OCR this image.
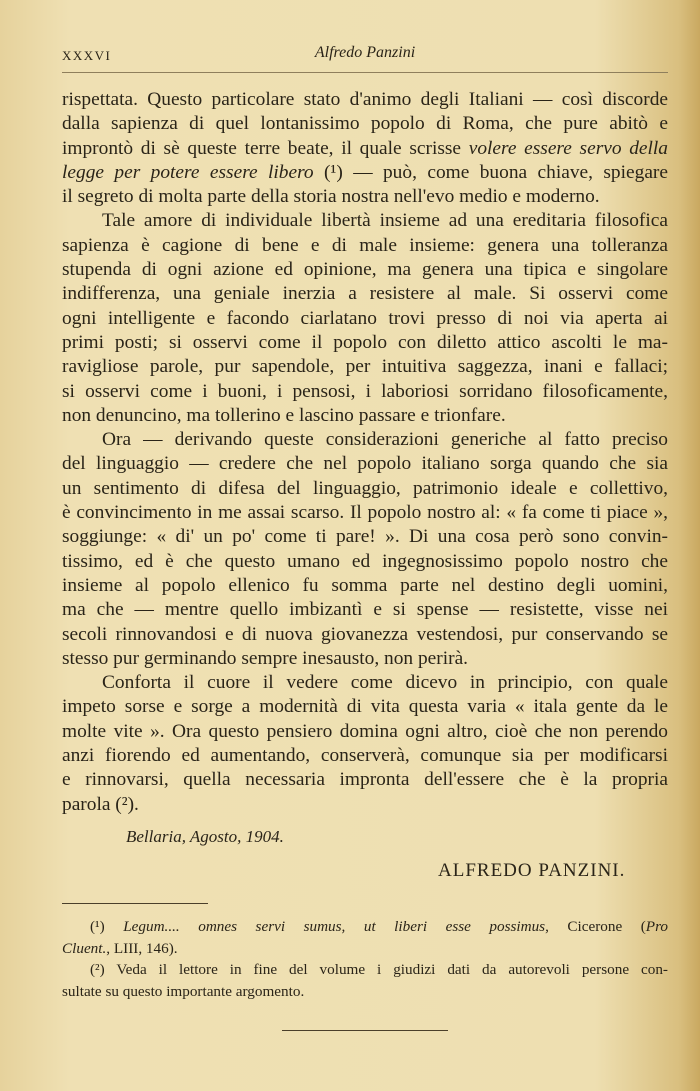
XXXVI	Alfredo Panzini

rispettata. Questo particolare stato d'animo degli Italiani — così discorde
dalla sapienza di quel lontanissimo popolo di Roma, che pure abitò e
improntò di sè queste terre beate, il quale scrisse volere essere servo della
legge per potere essere libero (¹) — può, come buona chiave, spiegare
il segreto di molta parte della storia nostra nell'evo medio e moderno.

Tale amore di individuale libertà insieme ad una ereditaria filosofica
sapienza è cagione di bene e di male insieme: genera una tolleranza
stupenda di ogni azione ed opinione, ma genera una tipica e singolare
indifferenza, una geniale inerzia a resistere al male. Si osservi come
ogni intelligente e facondo ciarlatano trovi presso di noi via aperta ai
primi posti; si osservi come il popolo con diletto attico ascolti le ma-
ravigliose parole, pur sapendole, per intuitiva saggezza, inani e fallaci;
si osservi come i buoni, i pensosi, i laboriosi sorridano filosoficamente,
non denuncino, ma tollerino e lascino passare e trionfare.

Ora — derivando queste considerazioni generiche al fatto preciso
del linguaggio — credere che nel popolo italiano sorga quando che sia
un sentimento di difesa del linguaggio, patrimonio ideale e collettivo,
è convincimento in me assai scarso. Il popolo nostro al: « fa come ti piace »,
soggiunge: « di' un po' come ti pare! ». Di una cosa però sono convin-
tissimo, ed è che questo umano ed ingegnosissimo popolo nostro che
insieme al popolo ellenico fu somma parte nel destino degli uomini,
ma che — mentre quello imbizantì e si spense — resistette, visse nei
secoli rinnovandosi e di nuova giovanezza vestendosi, pur conservando se
stesso pur germinando sempre inesausto, non perirà.

Conforta il cuore il vedere come dicevo in principio, con quale
impeto sorse e sorge a modernità di vita questa varia « itala gente da le
molte vite ». Ora questo pensiero domina ogni altro, cioè che non perendo
anzi fiorendo ed aumentando, conserverà, comunque sia per modificarsi
e rinnovarsi, quella necessaria impronta dell'essere che è la propria
parola (²).

Bellaria, Agosto, 1904.
ALFREDO PANZINI.
(¹) Legum.... omnes servi sumus, ut liberi esse possimus, Cicerone (Pro
Cluent., LIII, 146).
(²) Veda il lettore in fine del volume i giudizi dati da autorevoli persone con-
sultate su questo importante argomento.
